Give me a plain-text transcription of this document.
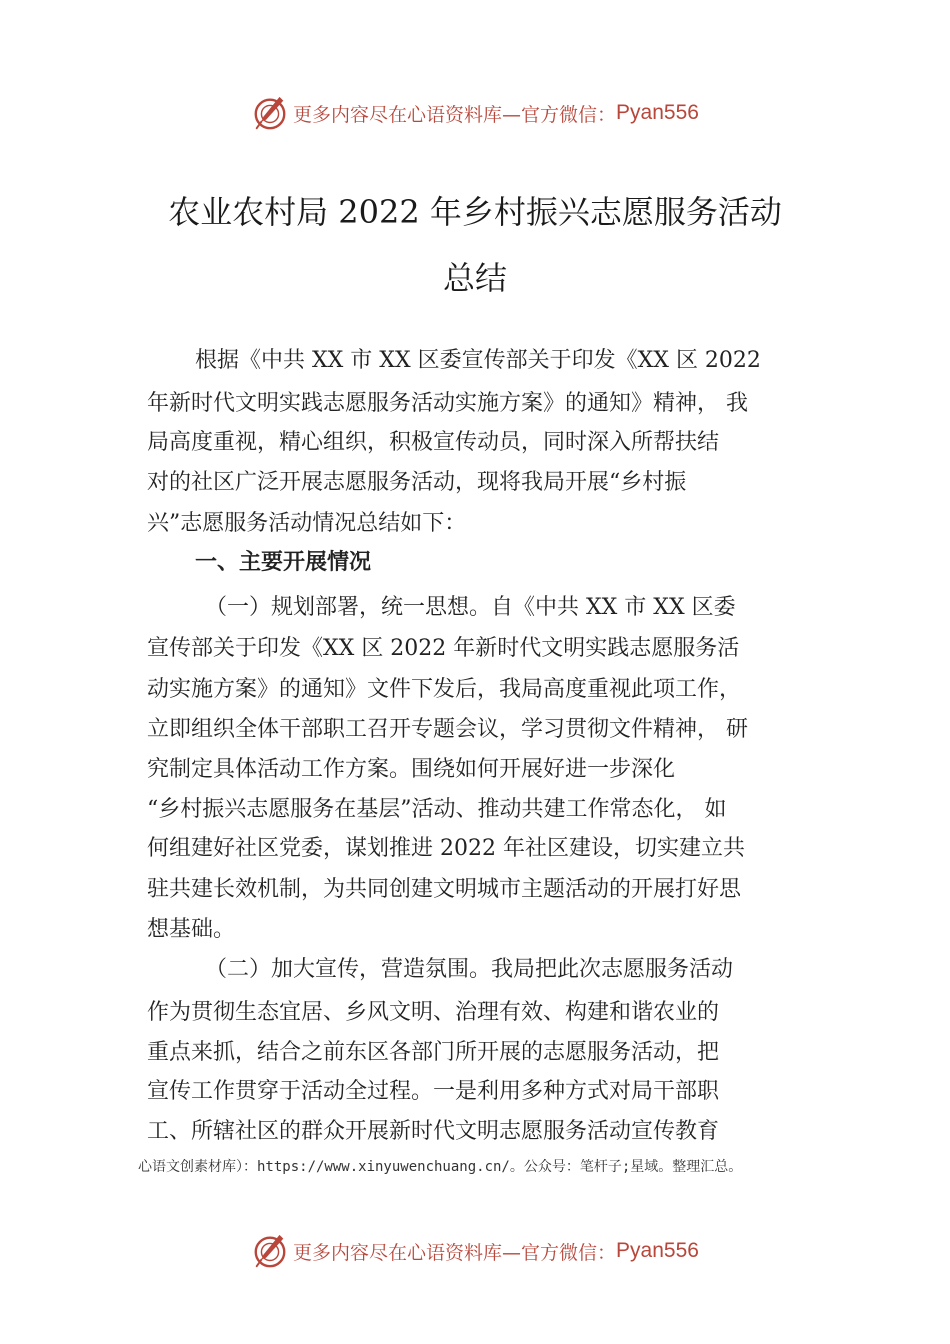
更多内容尽在心语资料库—官方微信： Pyan556
农业农村局 2022 年乡村振兴志愿服务活动
总结
根据《中共 XX 市 XX 区委宣传部关于印发《XX 区 2022
年新时代文明实践志愿服务活动实施方案》的通知》精神， 我
局高度重视，精心组织，积极宣传动员，同时深入所帮扶结
对的社区广泛开展志愿服务活动，现将我局开展“乡村振
兴”志愿服务活动情况总结如下：
一、主要开展情况
（一）规划部署，统一思想。自《中共 XX 市 XX 区委
宣传部关于印发《XX 区 2022 年新时代文明实践志愿服务活
动实施方案》的通知》文件下发后，我局高度重视此项工作，
立即组织全体干部职工召开专题会议，学习贯彻文件精神， 研
究制定具体活动工作方案。围绕如何开展好进一步深化
“乡村振兴志愿服务在基层”活动、推动共建工作常态化， 如
何组建好社区党委，谋划推进 2022 年社区建设，切实建立共
驻共建长效机制，为共同创建文明城市主题活动的开展打好思
想基础。
（二）加大宣传，营造氛围。我局把此次志愿服务活动
作为贯彻生态宜居、乡风文明、治理有效、构建和谐农业的
重点来抓，结合之前东区各部门所开展的志愿服务活动，把
宣传工作贯穿于活动全过程。一是利用多种方式对局干部职
工、所辖社区的群众开展新时代文明志愿服务活动宣传教育
心语文创素材库）：https://www.xinyuwenchuang.cn/。公众号：笔杆子;星域。整理汇总。
更多内容尽在心语资料库—官方微信： Pyan556
